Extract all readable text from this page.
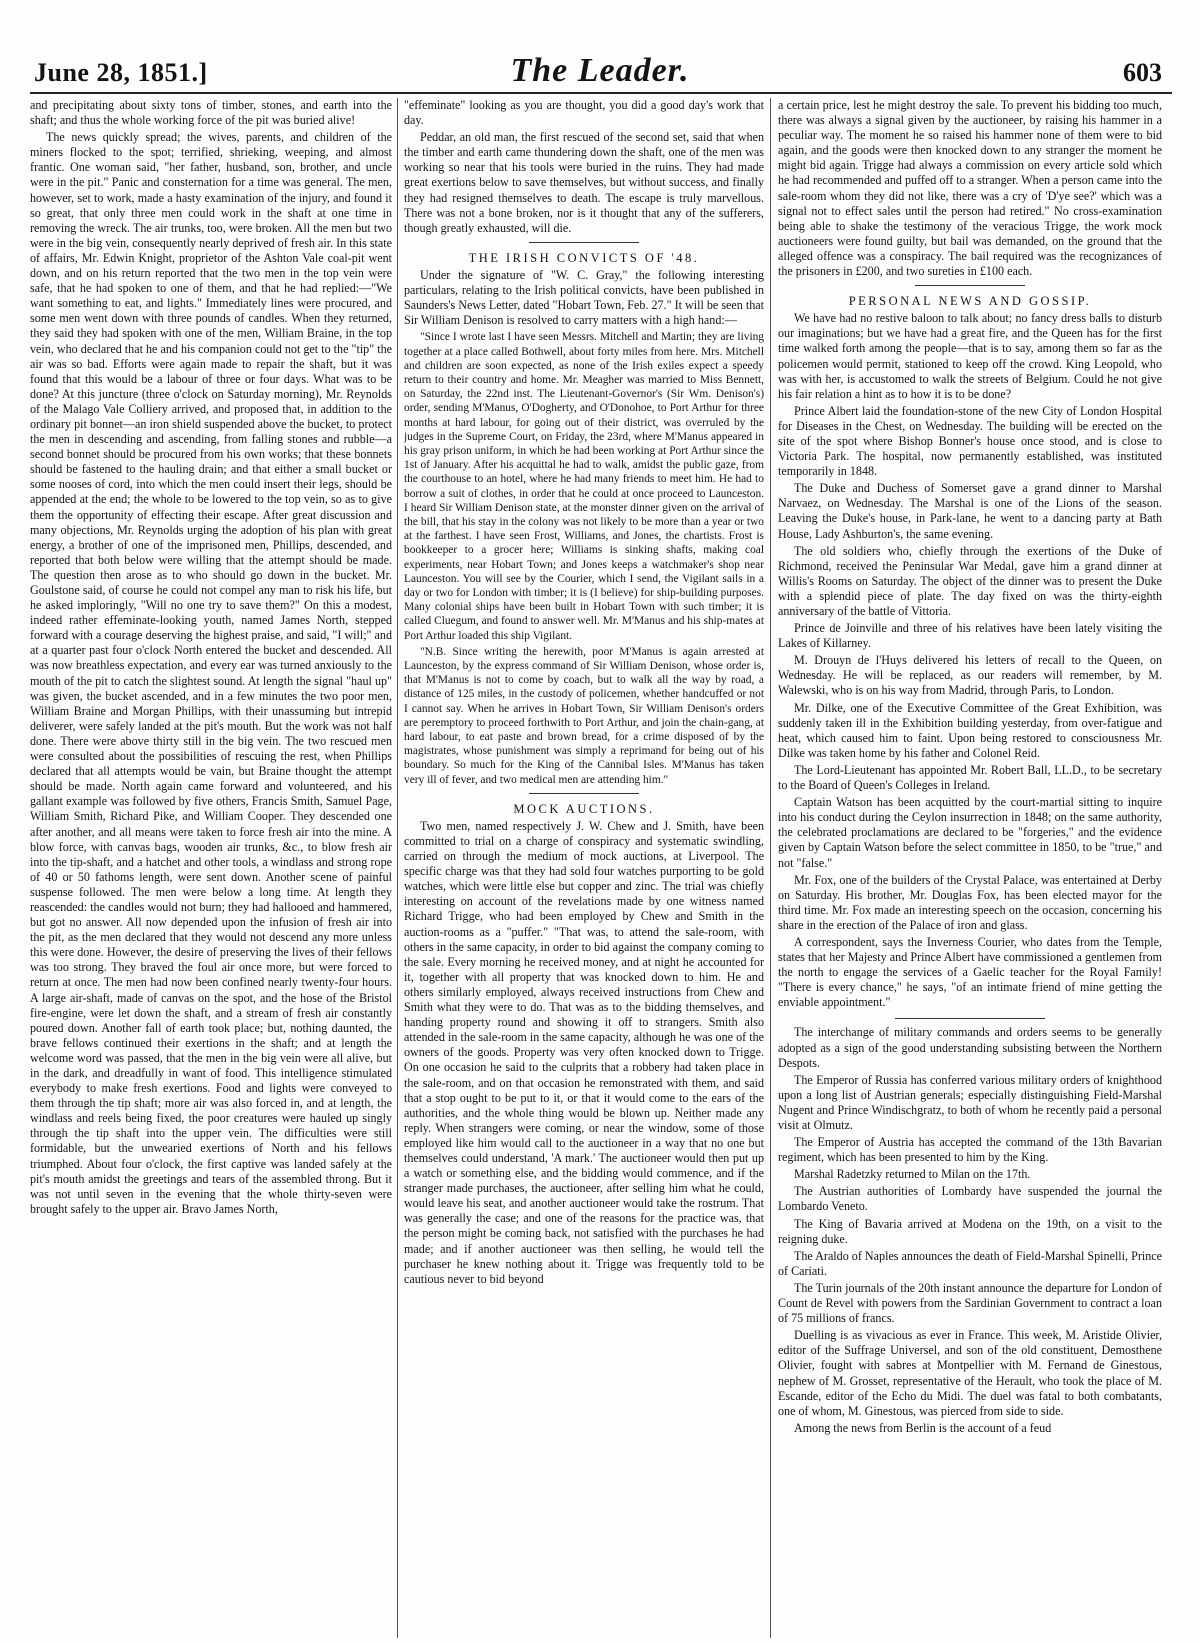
June 28, 1851.]	The Leader.	603

and precipitating about sixty tons of timber, stones, and earth into the shaft; and thus the whole working force of the pit was buried alive!

The news quickly spread; the wives, parents, and children of the miners flocked to the spot; terrified, shrieking, weeping, and almost frantic. One woman said, "her father, husband, son, brother, and uncle were in the pit." Panic and consternation for a time was general. The men, however, set to work, made a hasty examination of the injury, and found it so great, that only three men could work in the shaft at one time in removing the wreck. The air trunks, too, were broken. All the men but two were in the big vein, consequently nearly deprived of fresh air. In this state of affairs, Mr. Edwin Knight, proprietor of the Ashton Vale coal-pit went down, and on his return reported that the two men in the top vein were safe, that he had spoken to one of them, and that he had replied:—"We want something to eat, and lights." Immediately lines were procured, and some men went down with three pounds of candles. When they returned, they said they had spoken with one of the men, William Braine, in the top vein, who declared that he and his companion could not get to the "tip" the air was so bad. Efforts were again made to repair the shaft, but it was found that this would be a labour of three or four days. What was to be done? At this juncture (three o'clock on Saturday morning), Mr. Reynolds of the Malago Vale Colliery arrived, and proposed that, in addition to the ordinary pit bonnet—an iron shield suspended above the bucket, to protect the men in descending and ascending, from falling stones and rubble—a second bonnet should be procured from his own works; that these bonnets should be fastened to the hauling drain; and that either a small bucket or some nooses of cord, into which the men could insert their legs, should be appended at the end; the whole to be lowered to the top vein, so as to give them the opportunity of effecting their escape. After great discussion and many objections, Mr. Reynolds urging the adoption of his plan with great energy, a brother of one of the imprisoned men, Phillips, descended, and reported that both below were willing that the attempt should be made. The question then arose as to who should go down in the bucket. Mr. Goulstone said, of course he could not compel any man to risk his life, but he asked imploringly, "Will no one try to save them?" On this a modest, indeed rather effeminate-looking youth, named James North, stepped forward with a courage deserving the highest praise, and said, "I will;" and at a quarter past four o'clock North entered the bucket and descended. All was now breathless expectation, and every ear was turned anxiously to the mouth of the pit to catch the slightest sound. At length the signal "haul up" was given, the bucket ascended, and in a few minutes the two poor men, William Braine and Morgan Phillips, with their unassuming but intrepid deliverer, were safely landed at the pit's mouth. But the work was not half done. There were above thirty still in the big vein. The two rescued men were consulted about the possibilities of rescuing the rest, when Phillips declared that all attempts would be vain, but Braine thought the attempt should be made. North again came forward and volunteered, and his gallant example was followed by five others, Francis Smith, Samuel Page, William Smith, Richard Pike, and William Cooper. They descended one after another, and all means were taken to force fresh air into the mine. A blow force, with canvas bags, wooden air trunks, &c., to blow fresh air into the tip-shaft, and a hatchet and other tools, a windlass and strong rope of 40 or 50 fathoms length, were sent down. Another scene of painful suspense followed. The men were below a long time. At length they reascended: the candles would not burn; they had hallooed and hammered, but got no answer. All now depended upon the infusion of fresh air into the pit, as the men declared that they would not descend any more unless this were done. However, the desire of preserving the lives of their fellows was too strong. They braved the foul air once more, but were forced to return at once. The men had now been confined nearly twenty-four hours. A large air-shaft, made of canvas on the spot, and the hose of the Bristol fire-engine, were let down the shaft, and a stream of fresh air constantly poured down. Another fall of earth took place; but, nothing daunted, the brave fellows continued their exertions in the shaft; and at length the welcome word was passed, that the men in the big vein were all alive, but in the dark, and dreadfully in want of food. This intelligence stimulated everybody to make fresh exertions. Food and lights were conveyed to them through the tip shaft; more air was also forced in, and at length, the windlass and reels being fixed, the poor creatures were hauled up singly through the tip shaft into the upper vein. The difficulties were still formidable, but the unwearied exertions of North and his fellows triumphed. About four o'clock, the first captive was landed safely at the pit's mouth amidst the greetings and tears of the assembled throng. But it was not until seven in the evening that the whole thirty-seven were brought safely to the upper air. Bravo James North,

"effeminate" looking as you are thought, you did a good day's work that day.

Peddar, an old man, the first rescued of the second set, said that when the timber and earth came thundering down the shaft, one of the men was working so near that his tools were buried in the ruins. They had made great exertions below to save themselves, but without success, and finally they had resigned themselves to death. The escape is truly marvellous. There was not a bone broken, nor is it thought that any of the sufferers, though greatly exhausted, will die.

THE IRISH CONVICTS OF '48.

Under the signature of "W. C. Gray," the following interesting particulars, relating to the Irish political convicts, have been published in Saunders's News Letter, dated "Hobart Town, Feb. 27." It will be seen that Sir William Denison is resolved to carry matters with a high hand:—

"Since I wrote last I have seen Messrs. Mitchell and Martin; they are living together at a place called Bothwell, about forty miles from here. Mrs. Mitchell and children are soon expected, as none of the Irish exiles expect a speedy return to their country and home. Mr. Meagher was married to Miss Bennett, on Saturday, the 22nd inst. The Lieutenant-Governor's (Sir Wm. Denison's) order, sending M'Manus, O'Dogherty, and O'Donohoe, to Port Arthur for three months at hard labour, for going out of their district, was overruled by the judges in the Supreme Court, on Friday, the 23rd, where M'Manus appeared in his gray prison uniform, in which he had been working at Port Arthur since the 1st of January. After his acquittal he had to walk, amidst the public gaze, from the courthouse to an hotel, where he had many friends to meet him. He had to borrow a suit of clothes, in order that he could at once proceed to Launceston. I heard Sir William Denison state, at the monster dinner given on the arrival of the bill, that his stay in the colony was not likely to be more than a year or two at the farthest. I have seen Frost, Williams, and Jones, the chartists. Frost is bookkeeper to a grocer here; Williams is sinking shafts, making coal experiments, near Hobart Town; and Jones keeps a watchmaker's shop near Launceston. You will see by the Courier, which I send, the Vigilant sails in a day or two for London with timber; it is (I believe) for ship-building purposes. Many colonial ships have been built in Hobart Town with such timber; it is called Cluegum, and found to answer well. Mr. M'Manus and his ship-mates at Port Arthur loaded this ship Vigilant.

"N.B. Since writing the herewith, poor M'Manus is again arrested at Launceston, by the express command of Sir William Denison, whose order is, that M'Manus is not to come by coach, but to walk all the way by road, a distance of 125 miles, in the custody of policemen, whether handcuffed or not I cannot say. When he arrives in Hobart Town, Sir William Denison's orders are peremptory to proceed forthwith to Port Arthur, and join the chain-gang, at hard labour, to eat paste and brown bread, for a crime disposed of by the magistrates, whose punishment was simply a reprimand for being out of his boundary. So much for the King of the Cannibal Isles. M'Manus has taken very ill of fever, and two medical men are attending him."

MOCK AUCTIONS.

Two men, named respectively J. W. Chew and J. Smith, have been committed to trial on a charge of conspiracy and systematic swindling, carried on through the medium of mock auctions, at Liverpool. The specific charge was that they had sold four watches purporting to be gold watches, which were little else but copper and zinc. The trial was chiefly interesting on account of the revelations made by one witness named Richard Trigge, who had been employed by Chew and Smith in the auction-rooms as a "puffer." "That was, to attend the sale-room, with others in the same capacity, in order to bid against the company coming to the sale. Every morning he received money, and at night he accounted for it, together with all property that was knocked down to him. He and others similarly employed, always received instructions from Chew and Smith what they were to do. That was as to the bidding themselves, and handing property round and showing it off to strangers. Smith also attended in the sale-room in the same capacity, although he was one of the owners of the goods. Property was very often knocked down to Trigge. On one occasion he said to the culprits that a robbery had taken place in the sale-room, and on that occasion he remonstrated with them, and said that a stop ought to be put to it, or that it would come to the ears of the authorities, and the whole thing would be blown up. Neither made any reply. When strangers were coming, or near the window, some of those employed like him would call to the auctioneer in a way that no one but themselves could understand, 'A mark.' The auctioneer would then put up a watch or something else, and the bidding would commence, and if the stranger made purchases, the auctioneer, after selling him what he could, would leave his seat, and another auctioneer would take the rostrum. That was generally the case; and one of the reasons for the practice was, that the person might be coming back, not satisfied with the purchases he had made; and if another auctioneer was then selling, he would tell the purchaser he knew nothing about it. Trigge was frequently told to be cautious never to bid beyond

a certain price, lest he might destroy the sale. To prevent his bidding too much, there was always a signal given by the auctioneer, by raising his hammer in a peculiar way. The moment he so raised his hammer none of them were to bid again, and the goods were then knocked down to any stranger the moment he might bid again. Trigge had always a commission on every article sold which he had recommended and puffed off to a stranger. When a person came into the sale-room whom they did not like, there was a cry of 'D'ye see?' which was a signal not to effect sales until the person had retired." No cross-examination being able to shake the testimony of the veracious Trigge, the work mock auctioneers were found guilty, but bail was demanded, on the ground that the alleged offence was a conspiracy. The bail required was the recognizances of the prisoners in £200, and two sureties in £100 each.

PERSONAL NEWS AND GOSSIP.

We have had no restive baloon to talk about; no fancy dress balls to disturb our imaginations; but we have had a great fire, and the Queen has for the first time walked forth among the people—that is to say, among them so far as the policemen would permit, stationed to keep off the crowd. King Leopold, who was with her, is accustomed to walk the streets of Belgium. Could he not give his fair relation a hint as to how it is to be done?

Prince Albert laid the foundation-stone of the new City of London Hospital for Diseases in the Chest, on Wednesday. The building will be erected on the site of the spot where Bishop Bonner's house once stood, and is close to Victoria Park. The hospital, now permanently established, was instituted temporarily in 1848.

The Duke and Duchess of Somerset gave a grand dinner to Marshal Narvaez, on Wednesday. The Marshal is one of the Lions of the season. Leaving the Duke's house, in Park-lane, he went to a dancing party at Bath House, Lady Ashburton's, the same evening.

The old soldiers who, chiefly through the exertions of the Duke of Richmond, received the Peninsular War Medal, gave him a grand dinner at Willis's Rooms on Saturday. The object of the dinner was to present the Duke with a splendid piece of plate. The day fixed on was the thirty-eighth anniversary of the battle of Vittoria.

Prince de Joinville and three of his relatives have been lately visiting the Lakes of Killarney.

M. Drouyn de l'Huys delivered his letters of recall to the Queen, on Wednesday. He will be replaced, as our readers will remember, by M. Walewski, who is on his way from Madrid, through Paris, to London.

Mr. Dilke, one of the Executive Committee of the Great Exhibition, was suddenly taken ill in the Exhibition building yesterday, from over-fatigue and heat, which caused him to faint. Upon being restored to consciousness Mr. Dilke was taken home by his father and Colonel Reid.

The Lord-Lieutenant has appointed Mr. Robert Ball, LL.D., to be secretary to the Board of Queen's Colleges in Ireland.

Captain Watson has been acquitted by the court-martial sitting to inquire into his conduct during the Ceylon insurrection in 1848; on the same authority, the celebrated proclamations are declared to be "forgeries," and the evidence given by Captain Watson before the select committee in 1850, to be "true," and not "false."

Mr. Fox, one of the builders of the Crystal Palace, was entertained at Derby on Saturday. His brother, Mr. Douglas Fox, has been elected mayor for the third time. Mr. Fox made an interesting speech on the occasion, concerning his share in the erection of the Palace of iron and glass.

A correspondent, says the Inverness Courier, who dates from the Temple, states that her Majesty and Prince Albert have commissioned a gentlemen from the north to engage the services of a Gaelic teacher for the Royal Family! "There is every chance," he says, "of an intimate friend of mine getting the enviable appointment."

The interchange of military commands and orders seems to be generally adopted as a sign of the good understanding subsisting between the Northern Despots.

The Emperor of Russia has conferred various military orders of knighthood upon a long list of Austrian generals; especially distinguishing Field-Marshal Nugent and Prince Windischgratz, to both of whom he recently paid a personal visit at Olmutz.

The Emperor of Austria has accepted the command of the 13th Bavarian regiment, which has been presented to him by the King.

Marshal Radetzky returned to Milan on the 17th.

The Austrian authorities of Lombardy have suspended the journal the Lombardo Veneto.

The King of Bavaria arrived at Modena on the 19th, on a visit to the reigning duke.

The Araldo of Naples announces the death of Field-Marshal Spinelli, Prince of Cariati.

The Turin journals of the 20th instant announce the departure for London of Count de Revel with powers from the Sardinian Government to contract a loan of 75 millions of francs.

Duelling is as vivacious as ever in France. This week, M. Aristide Olivier, editor of the Suffrage Universel, and son of the old constituent, Demosthene Olivier, fought with sabres at Montpellier with M. Fernand de Ginestous, nephew of M. Grosset, representative of the Herault, who took the place of M. Escande, editor of the Echo du Midi. The duel was fatal to both combatants, one of whom, M. Ginestous, was pierced from side to side.

Among the news from Berlin is the account of a feud
